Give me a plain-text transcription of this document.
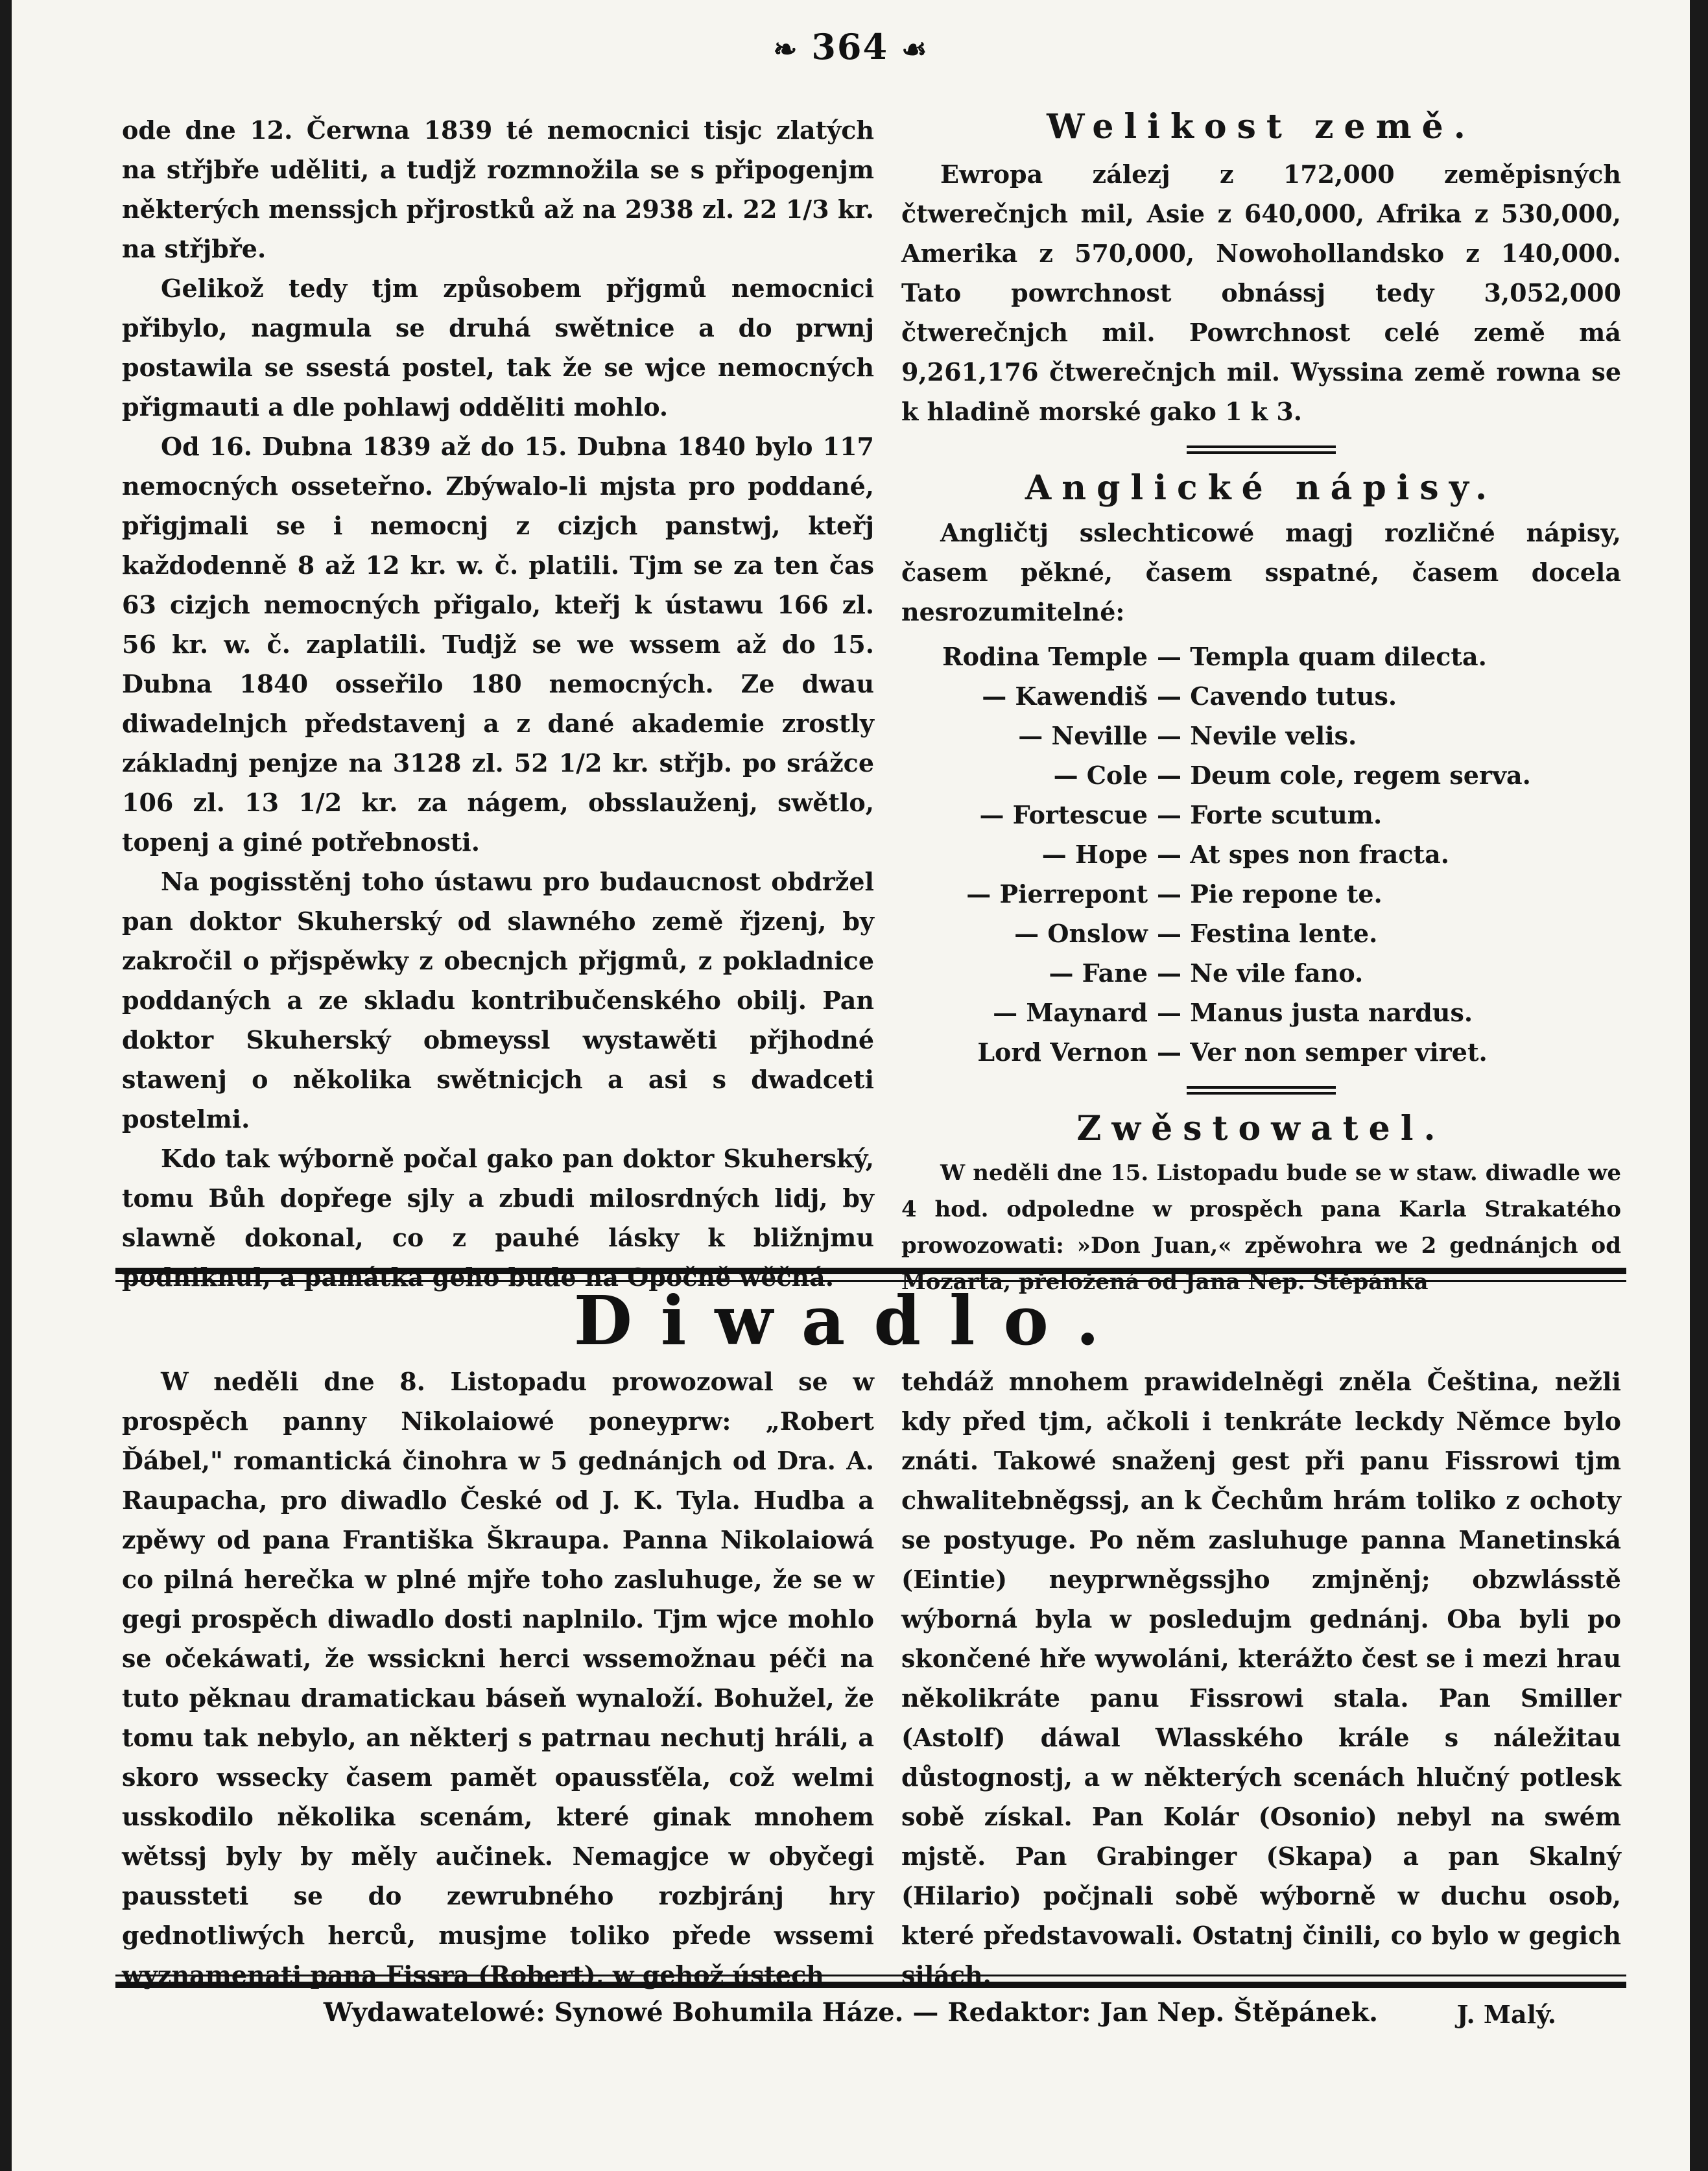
❧ 364 ☙

ode dne 12. Čerwna 1839 té nemocnici tisjc zlatých na střjbře uděliti, a tudjž rozmnožila se s připogenjm některých menssjch přjrostků až na 2938 zl. 22 1/3 kr. na střjbře.

Gelikož tedy tjm způsobem přjgmů nemocnici přibylo, nagmula se druhá swětnice a do prwnj postawila se ssestá postel, tak že se wjce nemocných přigmauti a dle pohlawj odděliti mohlo.

Od 16. Dubna 1839 až do 15. Dubna 1840 bylo 117 nemocných osseteřno. Zbýwalo-li mjsta pro poddané, přigjmali se i nemocnj z cizjch panstwj, kteřj každodenně 8 až 12 kr. w. č. platili. Tjm se za ten čas 63 cizjch nemocných přigalo, kteřj k ústawu 166 zl. 56 kr. w. č. zaplatili. Tudjž se we wssem až do 15. Dubna 1840 osseřilo 180 nemocných. Ze dwau diwadelnjch představenj a z dané akademie zrostly základnj penjze na 3128 zl. 52 1/2 kr. střjb. po srážce 106 zl. 13 1/2 kr. za nágem, obsslauženj, swětlo, topenj a giné potřebnosti.

Na pogisstěnj toho ústawu pro budaucnost obdržel pan doktor Skuherský od slawného země řjzenj, by zakročil o přjspěwky z obecnjch přjgmů, z pokladnice poddaných a ze skladu kontribučenského obilj. Pan doktor Skuherský obmeyssl wystawěti přjhodné stawenj o několika swětnicjch a asi s dwadceti postelmi.

Kdo tak wýborně počal gako pan doktor Skuherský, tomu Bůh dopřege sjly a zbudi milosrdných lidj, by slawně dokonal, co z pauhé lásky k bližnjmu podniknul, a památka geho bude na Opočně wěčná.

Welikost země.

Ewropa zálezj z 172,000 zeměpisných čtwerečnjch mil, Asie z 640,000, Afrika z 530,000, Amerika z 570,000, Nowohollandsko z 140,000. Tato powrchnost obnássj tedy 3,052,000 čtwerečnjch mil. Powrchnost celé země má 9,261,176 čtwerečnjch mil. Wyssina země rowna se k hladině morské gako 1 k 3.

Anglické nápisy.

Angličtj sslechticowé magj rozličné nápisy, časem pěkné, časem sspatné, časem docela nesrozumitelné:

Rodina Temple — Templa quam dilecta.
— Kawendiš — Cavendo tutus.
— Neville — Nevile velis.
— Cole — Deum cole, regem serva.
— Fortescue — Forte scutum.
— Hope — At spes non fracta.
— Pierrepont — Pie repone te.
— Onslow — Festina lente.
— Fane — Ne vile fano.
— Maynard — Manus justa nardus.
Lord Vernon — Ver non semper viret.
Zwěstowatel.

W neděli dne 15. Listopadu bude se w staw. diwadle we 4 hod. odpoledne w prospěch pana Karla Strakatého prowozowati: »Don Juan,« zpěwohra we 2 gednánjch od Mozarta, přeložená od Jana Nep. Štěpánka

Diwadlo.

W neděli dne 8. Listopadu prowozowal se w prospěch panny Nikolaiowé poneyprw: „Robert Ďábel," romantická činohra w 5 gednánjch od Dra. A. Raupacha, pro diwadlo České od J. K. Tyla. Hudba a zpěwy od pana Františka Škraupa. Panna Nikolaiowá co pilná herečka w plné mjře toho zasluhuge, že se w gegi prospěch diwadlo dosti naplnilo. Tjm wjce mohlo se očekáwati, že wssickni herci wssemožnau péči na tuto pěknau dramatickau báseň wynaloží. Bohužel, že tomu tak nebylo, an některj s patrnau nechutj hráli, a skoro wssecky časem pamět opaussťěla, což welmi usskodilo několika scenám, které ginak mnohem wětssj byly by měly aučinek. Nemagjce w obyčegi paussteti se do zewrubného rozbjránj hry gednotliwých herců, musjme toliko přede wssemi wyznamenati pana Fissra (Robert), w gehož ústech

tehdáž mnohem prawidelněgi zněla Čeština, nežli kdy před tjm, ačkoli i tenkráte leckdy Němce bylo znáti. Takowé snaženj gest při panu Fissrowi tjm chwalitebněgssj, an k Čechům hrám toliko z ochoty se postyuge. Po něm zasluhuge panna Manetinská (Eintie) neyprwněgssjho zmjněnj; obzwlásstě wýborná byla w posledujm gednánj. Oba byli po skončené hře wywoláni, kterážto čest se i mezi hrau několikráte panu Fissrowi stala. Pan Smiller (Astolf) dáwal Wlasského krále s náležitau důstognostj, a w některých scenách hlučný potlesk sobě získal. Pan Kolár (Osonio) nebyl na swém mjstě. Pan Grabinger (Skapa) a pan Skalný (Hilario) počjnali sobě wýborně w duchu osob, které představowali. Ostatnj činili, co bylo w gegich silách.

J. Malý.

Wydawatelowé: Synowé Bohumila Háze. — Redaktor: Jan Nep. Štěpánek.
